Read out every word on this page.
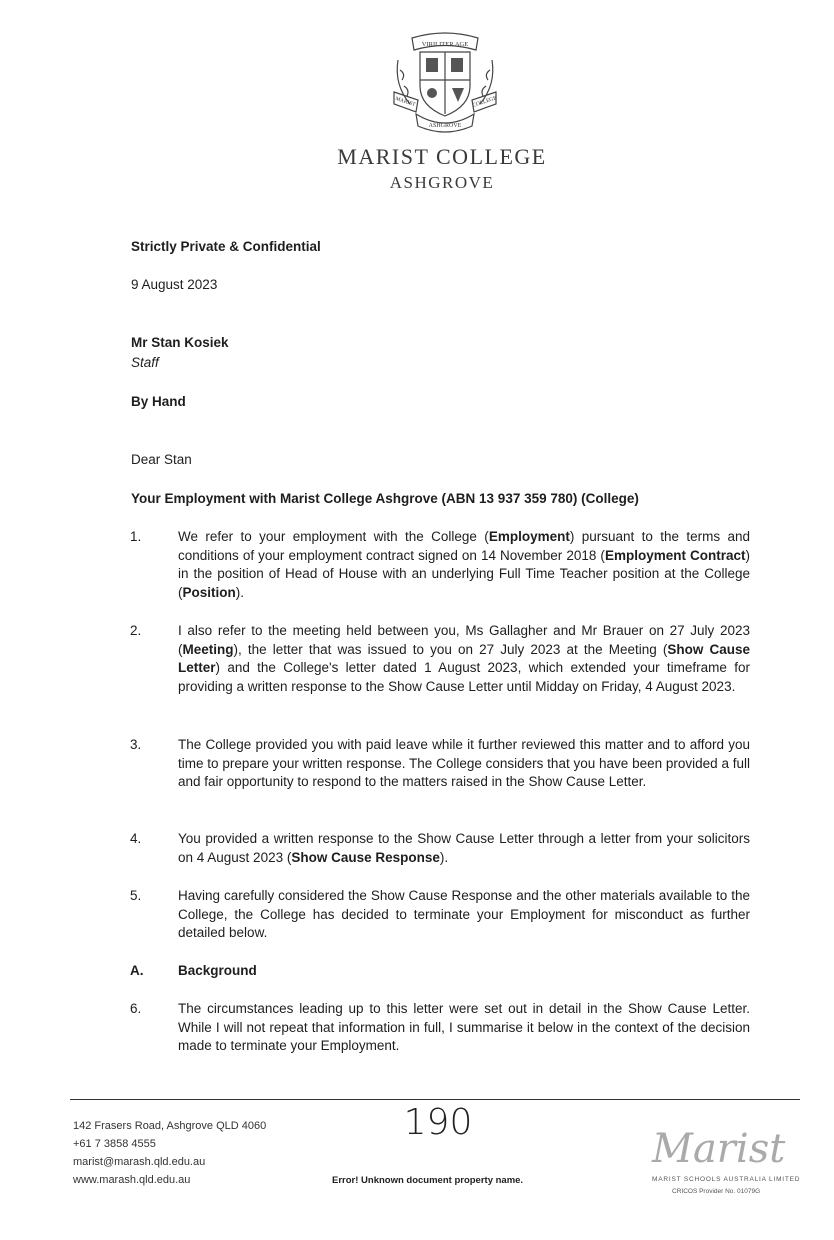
VIRILITER AGE
MARIST	COLLEGE
ASHGROVE
MARIST COLLEGE
ASHGROVE
Strictly Private & Confidential
9 August 2023
Mr Stan Kosiek
Staff
By Hand
Dear Stan
Your Employment with Marist College Ashgrove (ABN 13 937 359 780) (College)
1.	We refer to your employment with the College (Employment) pursuant to the terms and conditions of your employment contract signed on 14 November 2018 (Employment Contract) in the position of Head of House with an underlying Full Time Teacher position at the College (Position).
2.	I also refer to the meeting held between you, Ms Gallagher and Mr Brauer on 27 July 2023 (Meeting), the letter that was issued to you on 27 July 2023 at the Meeting (Show Cause Letter) and the College's letter dated 1 August 2023, which extended your timeframe for providing a written response to the Show Cause Letter until Midday on Friday, 4 August 2023.
3.	The College provided you with paid leave while it further reviewed this matter and to afford you time to prepare your written response. The College considers that you have been provided a full and fair opportunity to respond to the matters raised in the Show Cause Letter.
4.	You provided a written response to the Show Cause Letter through a letter from your solicitors on 4 August 2023 (Show Cause Response).
5.	Having carefully considered the Show Cause Response and the other materials available to the College, the College has decided to terminate your Employment for misconduct as further detailed below.
A.	Background
6.	The circumstances leading up to this letter were set out in detail in the Show Cause Letter. While I will not repeat that information in full, I summarise it below in the context of the decision made to terminate your Employment.
142 Frasers Road, Ashgrove QLD 4060
+61 7 3858 4555
marist@marash.qld.edu.au
www.marash.qld.edu.au
190
Error! Unknown document property name.
Marist
MARIST SCHOOLS AUSTRALIA LIMITED
CRICOS Provider No. 01079G
